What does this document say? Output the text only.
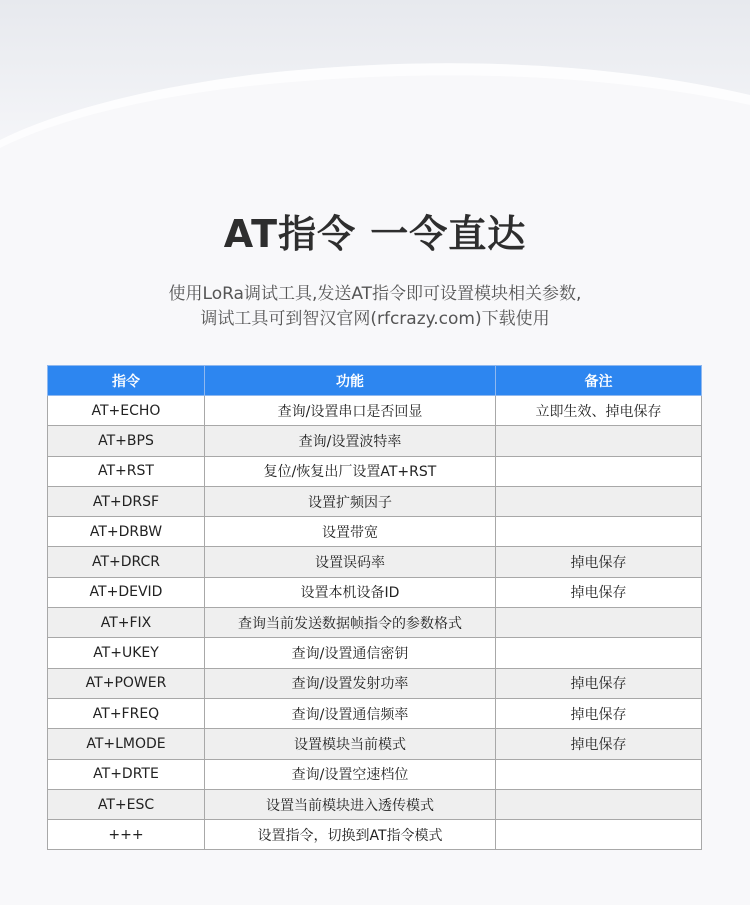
AT指令 一令直达
使用LoRa调试工具,发送AT指令即可设置模块相关参数,
调试工具可到智汉官网(rfcrazy.com)下载使用
指令	功能	备注
AT+ECHO	查询/设置串口是否回显	立即生效、掉电保存
AT+BPS	查询/设置波特率	
AT+RST	复位/恢复出厂设置AT+RST	
AT+DRSF	设置扩频因子	
AT+DRBW	设置带宽	
AT+DRCR	设置误码率	掉电保存
AT+DEVID	设置本机设备ID	掉电保存
AT+FIX	查询当前发送数据帧指令的参数格式	
AT+UKEY	查询/设置通信密钥	
AT+POWER	查询/设置发射功率	掉电保存
AT+FREQ	查询/设置通信频率	掉电保存
AT+LMODE	设置模块当前模式	掉电保存
AT+DRTE	查询/设置空速档位	
AT+ESC	设置当前模块进入透传模式	
+++	设置指令，切换到AT指令模式	
